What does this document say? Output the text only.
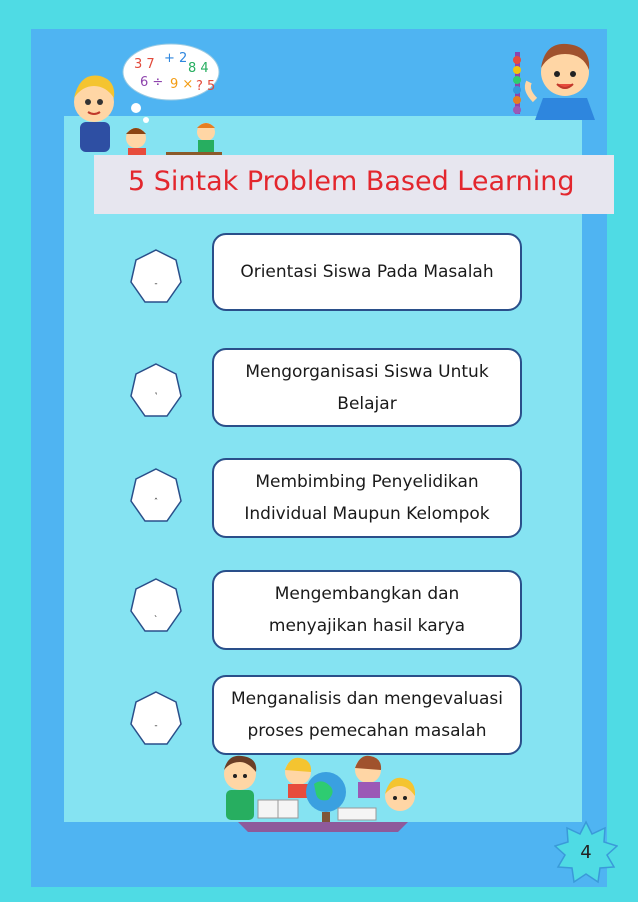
3 7 + 2
8 4
6 ÷ 9 × ? 5
5 Sintak Problem Based Learning
-
Orientasi Siswa Pada Masalah
ʽ
Mengorganisasi Siswa Untuk Belajar
ˆ
Membimbing Penyelidikan Individual Maupun Kelompok
ˎ
Mengembangkan dan menyajikan hasil karya
-
Menganalisis dan mengevaluasi proses pemecahan masalah
4
